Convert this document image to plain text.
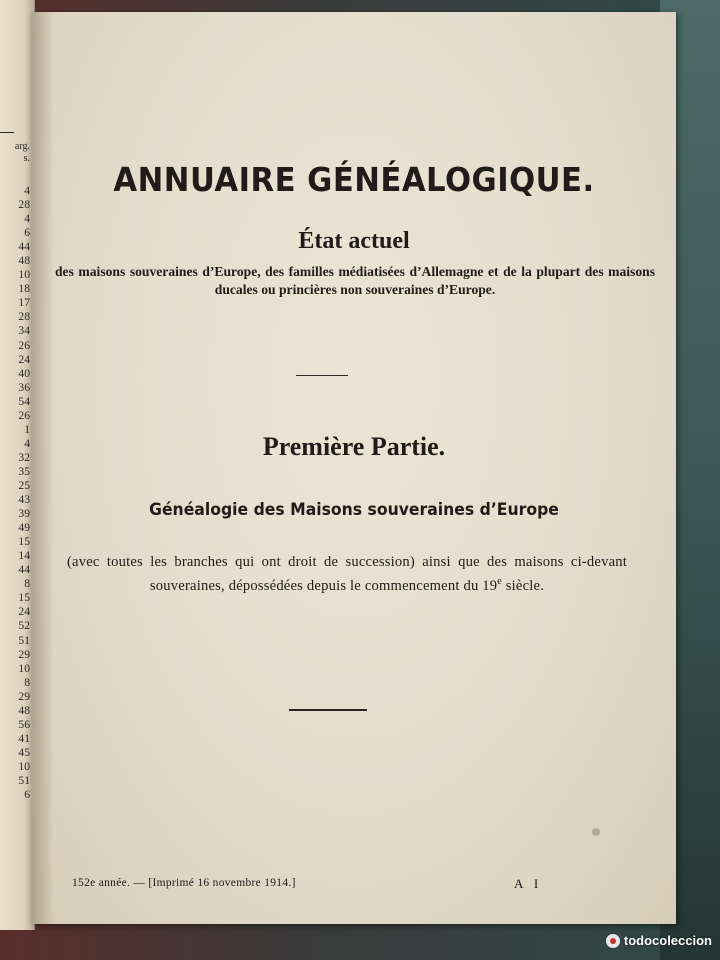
arg.
s.
4
28
4
6
44
48
10
18
17
28
34
26
24
40
36
54
26
1
4
32
35
25
43
39
49
15
14
44
8
15
24
52
51
29
10
8
29
48
56
41
45
10
51
6
ANNUAIRE GÉNÉALOGIQUE.
État actuel
des maisons souveraines d’Europe, des familles médiatisées d’Allemagne et de la plupart des maisons ducales ou princières non souveraines d’Europe.
Première Partie.
Généalogie des Maisons souveraines d’Europe
(avec toutes les branches qui ont droit de succession) ainsi que des maisons ci-devant souveraines, dépossédées depuis le commencement du 19e siècle.
152e année. — [Imprimé 16 novembre 1914.]	A I
todocoleccion
